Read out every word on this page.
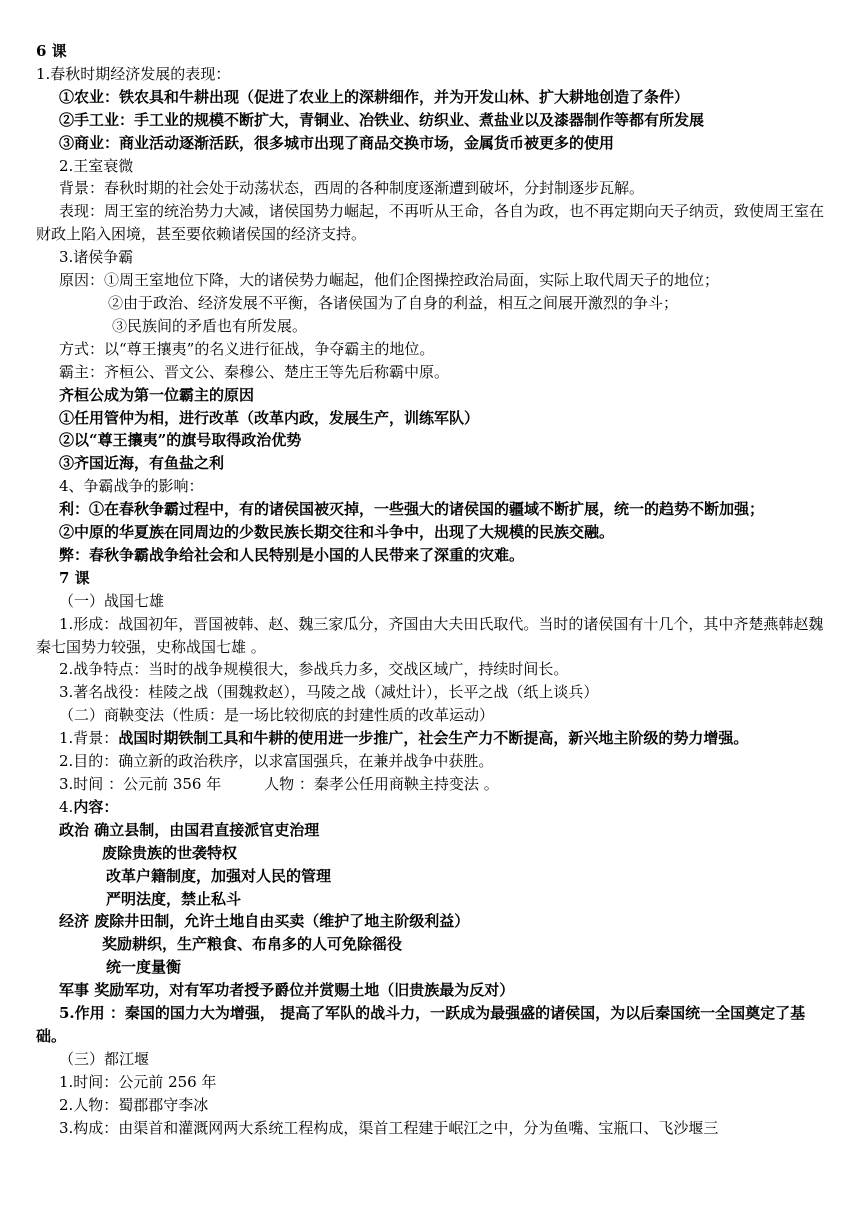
6 课
1.春秋时期经济发展的表现：
①农业：铁农具和牛耕出现（促进了农业上的深耕细作，并为开发山林、扩大耕地创造了条件）
②手工业：手工业的规模不断扩大，青铜业、冶铁业、纺织业、煮盐业以及漆器制作等都有所发展
③商业：商业活动逐渐活跃，很多城市出现了商品交换市场，金属货币被更多的使用
2.王室衰微
背景：春秋时期的社会处于动荡状态，西周的各种制度逐渐遭到破坏，分封制逐步瓦解。
表现：周王室的统治势力大减，诸侯国势力崛起，不再听从王命，各自为政，也不再定期向天子纳贡，致使周王室在财政上陷入困境，甚至要依赖诸侯国的经济支持。
3.诸侯争霸
原因：①周王室地位下降，大的诸侯势力崛起，他们企图操控政治局面，实际上取代周天子的地位；
②由于政治、经济发展不平衡，各诸侯国为了自身的利益，相互之间展开激烈的争斗；
③民族间的矛盾也有所发展。
方式：以“尊王攘夷”的名义进行征战，争夺霸主的地位。
霸主：齐桓公、晋文公、秦穆公、楚庄王等先后称霸中原。
齐桓公成为第一位霸主的原因
①任用管仲为相，进行改革（改革内政，发展生产，训练军队）
②以“尊王攘夷”的旗号取得政治优势
③齐国近海，有鱼盐之利
4、争霸战争的影响：
利：①在春秋争霸过程中，有的诸侯国被灭掉，一些强大的诸侯国的疆域不断扩展，统一的趋势不断加强；
②中原的华夏族在同周边的少数民族长期交往和斗争中，出现了大规模的民族交融。
弊：春秋争霸战争给社会和人民特别是小国的人民带来了深重的灾难。
7 课
（一）战国七雄
1.形成：战国初年，晋国被韩、赵、魏三家瓜分，齐国由大夫田氏取代。当时的诸侯国有十几个，其中齐楚燕韩赵魏秦七国势力较强，史称战国七雄 。
2.战争特点：当时的战争规模很大，参战兵力多，交战区域广，持续时间长。
3.著名战役：桂陵之战（围魏救赵），马陵之战（减灶计），长平之战（纸上谈兵）
（二）商鞅变法（性质：是一场比较彻底的封建性质的改革运动）
1.背景：战国时期铁制工具和牛耕的使用进一步推广，社会生产力不断提高，新兴地主阶级的势力增强。
2.目的：确立新的政治秩序，以求富国强兵，在兼并战争中获胜。
3.时间 ：公元前 356 年         人物 ：秦孝公任用商鞅主持变法 。
4.内容：
政治 确立县制，由国君直接派官吏治理
废除贵族的世袭特权
改革户籍制度，加强对人民的管理
严明法度，禁止私斗
经济 废除井田制，允许土地自由买卖（维护了地主阶级利益）
奖励耕织，生产粮食、布帛多的人可免除徭役
统一度量衡
军事 奖励军功，对有军功者授予爵位并赏赐土地（旧贵族最为反对）
5.作用 ：秦国的国力大为增强， 提高了军队的战斗力，一跃成为最强盛的诸侯国，为以后秦国统一全国奠定了基础。
（三）都江堰
1.时间：公元前 256 年
2.人物：蜀郡郡守李冰
3.构成：由渠首和灌溉网两大系统工程构成，渠首工程建于岷江之中，分为鱼嘴、宝瓶口、飞沙堰三
